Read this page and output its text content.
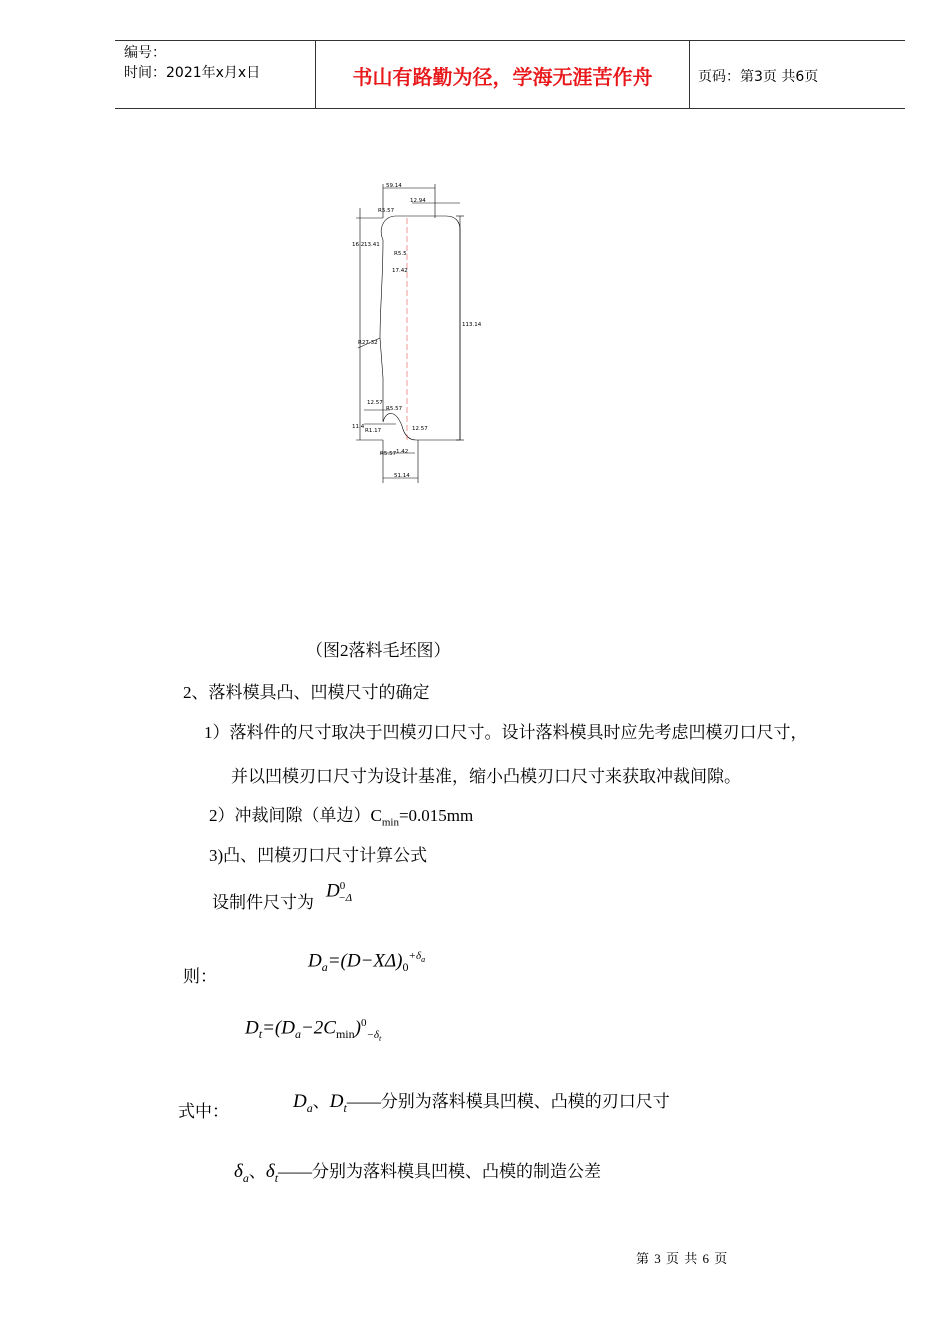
编号：
时间：2021年x月x日	书山有路勤为径，学海无涯苦作舟	页码：第3页 共6页
59.14
12.94
R5.57
16.2 13.41
R5.5
17.42
113.14
R27.32
12.57
R5.57
11.4
R1.17	12.57
R5.57 1.42
51.14
（图2落料毛坯图）
2、落料模具凸、凹模尺寸的确定
1）落料件的尺寸取决于凹模刃口尺寸。设计落料模具时应先考虑凹模刃口尺寸，
并以凹模刃口尺寸为设计基准，缩小凸模刃口尺寸来获取冲裁间隙。
2）冲裁间隙（单边）$C_{min}=0.015mm$
3)凸、凹模刃口尺寸计算公式
设制件尺寸为
$D^0_{-\Delta}$
则：
$D_a=(D-X\Delta)_0^{+\delta_a}$
$D_t=(D_a-2C_{min})^0_{-\delta_t}$
式中：	$D_a$、$D_t——$分别为落料模具凹模、凸模的刃口尺寸
$\delta_a$、$\delta_t——$分别为落料模具凹模、凸模的制造公差
第 3 页 共 6 页
